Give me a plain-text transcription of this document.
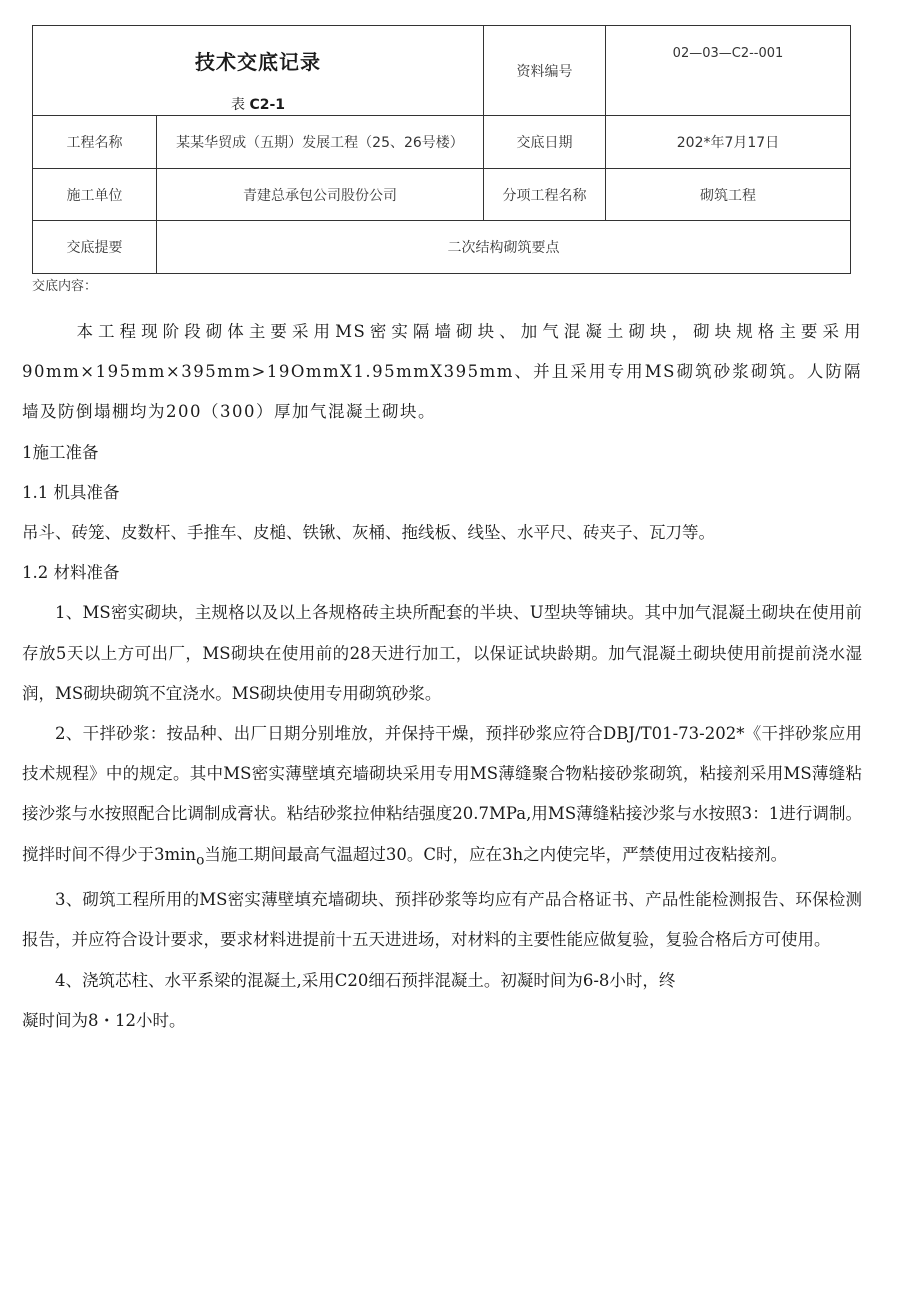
技术交底记录
表 C2-1		资料编号	02—03—C2--001
工程名称	某某华贸成（五期）发展工程（25、26号楼）	交底日期	202*年7月17日
施工单位	青建总承包公司股份公司	分项工程名称	砌筑工程
交底提要	二次结构砌筑要点		
交底内容：

本工程现阶段砌体主要采用MS密实隔墙砌块、加气混凝土砌块，砌块规格主要采用90mm×195mm×395mm>19OmmX1.95mmX395mm、并且采用专用MS砌筑砂浆砌筑。人防隔墙及防倒塌棚均为200（300）厚加气混凝土砌块。

1施工准备

1.1 机具准备

吊斗、砖笼、皮数杆、手推车、皮槌、铁锹、灰桶、拖线板、线坠、水平尺、砖夹子、瓦刀等。

1.2 材料准备

1、MS密实砌块，主规格以及以上各规格砖主块所配套的半块、U型块等铺块。其中加气混凝土砌块在使用前存放5天以上方可出厂，MS砌块在使用前的28天进行加工，以保证试块龄期。加气混凝土砌块使用前提前浇水湿润，MS砌块砌筑不宜浇水。MS砌块使用专用砌筑砂浆。

2、干拌砂浆：按品种、出厂日期分别堆放，并保持干燥，预拌砂浆应符合DBJ/T01-73-202*《干拌砂浆应用技术规程》中的规定。其中MS密实薄壁填充墙砌块采用专用MS薄缝聚合物粘接砂浆砌筑，粘接剂采用MS薄缝粘接沙浆与水按照配合比调制成膏状。粘结砂浆拉伸粘结强度20.7MPa,用MS薄缝粘接沙浆与水按照3：1进行调制。搅拌时间不得少于$3\min_o$当施工期间最高气温超过30。C时，应在3h之内使完毕，严禁使用过夜粘接剂。

3、砌筑工程所用的MS密实薄壁填充墙砌块、预拌砂浆等均应有产品合格证书、产品性能检测报告、环保检测报告，并应符合设计要求，要求材料进提前十五天进进场，对材料的主要性能应做复验，复验合格后方可使用。

4、浇筑芯柱、水平系梁的混凝土,采用C20细石预拌混凝土。初凝时间为6-8小时，终

凝时间为8・12小时。
